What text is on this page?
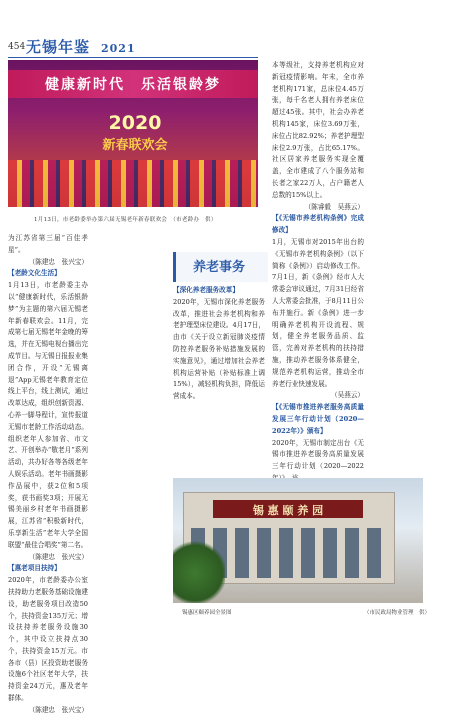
454 无锡年鉴 2021
健康新时代　乐活银龄梦
2020
新春联欢会
1月13日，市老龄委举办第六届无锡老年新春联欢会　（市老龄办　供）

为江苏省第三届“百佳孝星”。

（陈建忠　张兴宝）

【老龄文化生活】

1月13日，市老龄委主办以“健康新时代，乐活银龄梦”为主题的第六届无锡老年新春联欢会。11月，完成第七届无锡老年金晚的筹选，并在无锡电视台播出完成节目。与无锡日报报业集团合作，开设“无锡离退”App无锡老年教育定位线上平台，线上测试，通过改革达成，组织创新资源、心养一脚导程计，宣传报道无锡市老龄工作活动动态。组织老年人参加省、市文艺、开创举办“敬老月”系列活动，共办好各等各级老年人娱乐活动。老年书画摄影作品展中，获2位和5项奖，获书画奖3项；开展无锡美丽乡村老年书画摄影展，江苏省“积极新时代，乐享新生活”老年大学全国联盟“最佳合唱奖”第二名。

（陈建忠　张兴宝）

【惠老项目扶持】

2020年，市老龄委办公室扶持助力老服务基础设施建设，助老服务项目改造50个，扶持资金135万元；增设扶持养老服务设施30个，其中设立扶持点30个，扶持资金15万元。市各市（县）区投资助老服务设施6个社区老年大学，扶持资金24万元，惠及老年群体。

（陈建忠　张兴宝）

养老事务

【深化养老服务改革】

2020年，无锡市深化养老服务改革，推进社会养老机构和养老护理型床位建设。4月17日，由市《关于设立新冠肺炎疫情防控养老服务补贴措施发展的实施意见》，通过增加社会养老机构运营补贴（补贴标准上调15%），减轻机构负担，降低运营成本。

本等级社，支持养老机构应对新冠疫情影响。年末，全市养老机构171家，总床位4.45万张，每千名老人拥有养老床位超过45张。其中，社会办养老机构145家，床位3.69万张，床位占比82.92%；养老护理型床位2.9万张，占比65.17%。社区居家养老服务实现全覆盖，全市建成了八个服务站和长者之家22万人，占户籍老人总数的15%以上。

（陈睿毅　吴燕云）

【《无锡市养老机构条例》完成修改】

1月，无锡市对2015年出台的《无锡市养老机构条例》（以下简称《条例》）启动修改工作。7月1日，新《条例》经市人大常委会审议通过，7月31日经省人大常委会批准，于8月11日公布并施行。新《条例》进一步明确养老机构开设流程、规划，健全养老服务品质、监管，完善对养老机构的扶持措施，推动养老服务体系健全，规范养老机构运营，推动全市养老行业快速发展。

（吴燕云）

【《无锡市推进养老服务高质量发展三年行动计划（2020—2022年）》颁布】

2020年，无锡市制定出台《无锡市推进养老服务高质量发展三年行动计划（2020—2022

锡 惠 颐 养 园
锡惠区颐养园全景图	（市民政局物业管理　供）
